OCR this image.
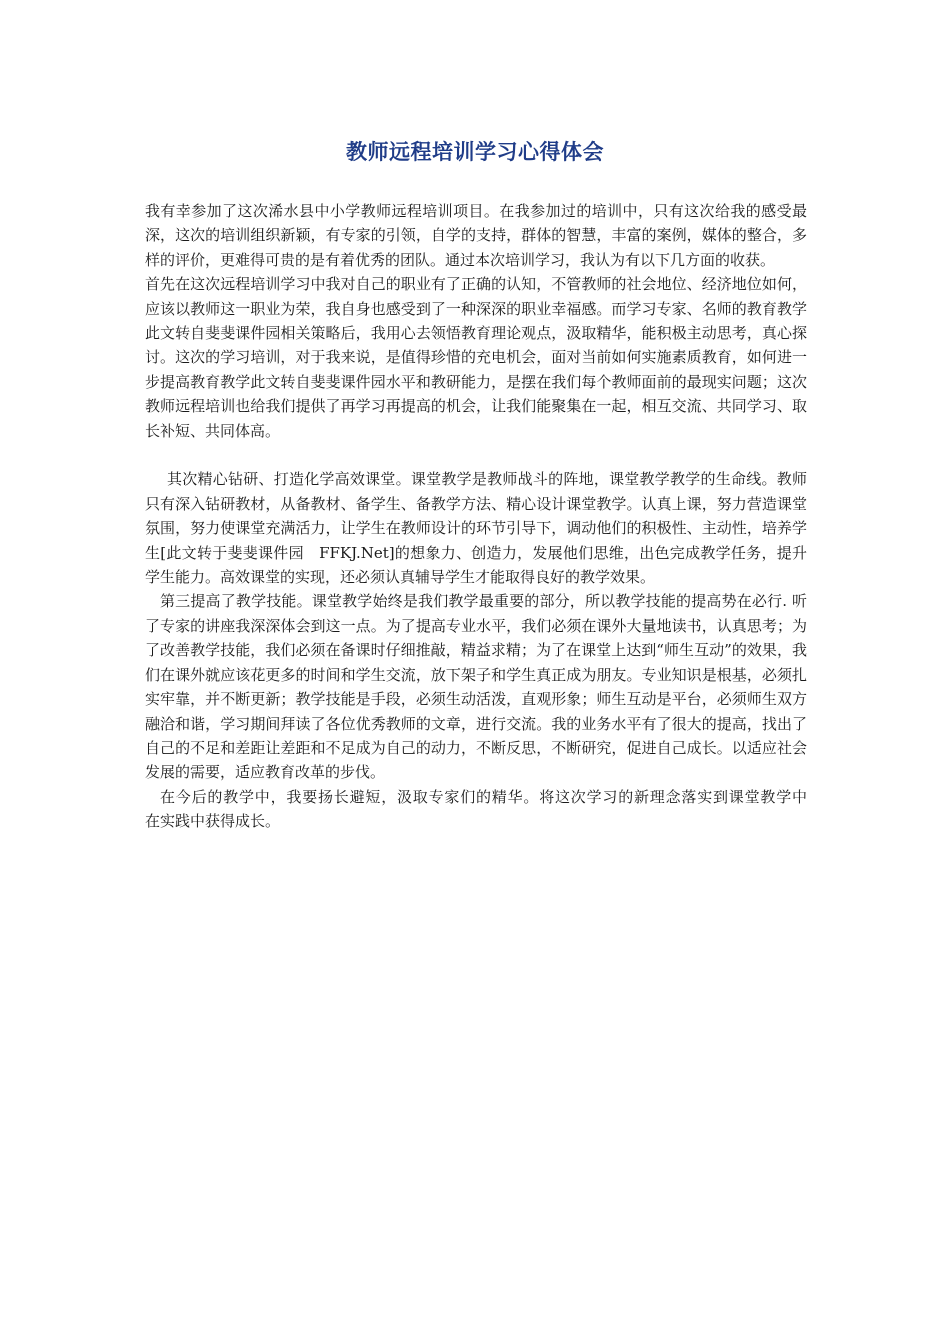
教师远程培训学习心得体会

我有幸参加了这次浠水县中小学教师远程培训项目。在我参加过的培训中，只有这次给我的感受最深，这次的培训组织新颖，有专家的引领，自学的支持，群体的智慧，丰富的案例，媒体的整合，多样的评价，更难得可贵的是有着优秀的团队。通过本次培训学习，我认为有以下几方面的收获。

首先在这次远程培训学习中我对自己的职业有了正确的认知，不管教师的社会地位、经济地位如何，应该以教师这一职业为荣，我自身也感受到了一种深深的职业幸福感。而学习专家、名师的教育教学此文转自斐斐课件园相关策略后，我用心去领悟教育理论观点，汲取精华，能积极主动思考，真心探讨。这次的学习培训，对于我来说，是值得珍惜的充电机会，面对当前如何实施素质教育，如何进一步提高教育教学此文转自斐斐课件园水平和教研能力，是摆在我们每个教师面前的最现实问题；这次教师远程培训也给我们提供了再学习再提高的机会，让我们能聚集在一起，相互交流、共同学习、取长补短、共同体高。

其次精心钻研、打造化学高效课堂。课堂教学是教师战斗的阵地，课堂教学教学的生命线。教师只有深入钻研教材，从备教材、备学生、备教学方法、精心设计课堂教学。认真上课，努力营造课堂氛围，努力使课堂充满活力，让学生在教师设计的环节引导下，调动他们的积极性、主动性，培养学生[此文转于斐斐课件园　FFKJ.Net]的想象力、创造力，发展他们思维，出色完成教学任务，提升学生能力。高效课堂的实现，还必须认真辅导学生才能取得良好的教学效果。

第三提高了教学技能。课堂教学始终是我们教学最重要的部分，所以教学技能的提高势在必行. 听了专家的讲座我深深体会到这一点。为了提高专业水平，我们必须在课外大量地读书，认真思考；为了改善教学技能，我们必须在备课时仔细推敲，精益求精；为了在课堂上达到“师生互动”的效果，我们在课外就应该花更多的时间和学生交流，放下架子和学生真正成为朋友。专业知识是根基，必须扎实牢靠，并不断更新；教学技能是手段，必须生动活泼，直观形象；师生互动是平台，必须师生双方融洽和谐，学习期间拜读了各位优秀教师的文章，进行交流。我的业务水平有了很大的提高，找出了自己的不足和差距让差距和不足成为自己的动力，不断反思，不断研究，促进自己成长。以适应社会发展的需要，适应教育改革的步伐。

在今后的教学中，我要扬长避短，汲取专家们的精华。将这次学习的新理念落实到课堂教学中　　在实践中获得成长。
